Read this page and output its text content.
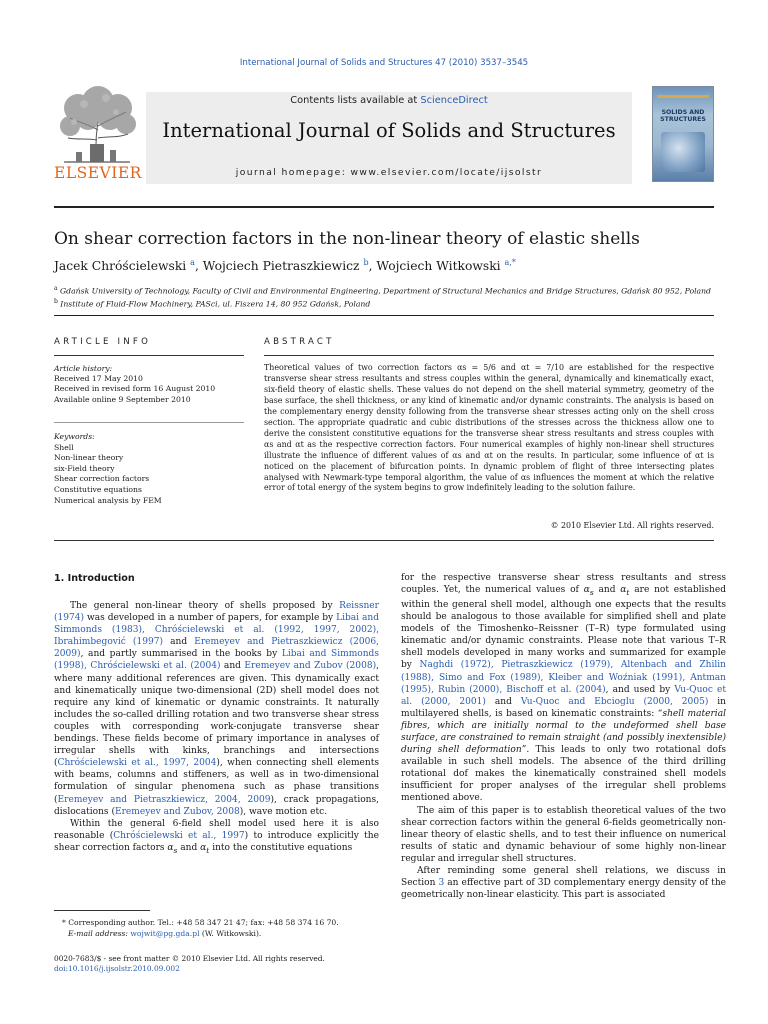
International Journal of Solids and Structures 47 (2010) 3537–3545
ELSEVIER
Contents lists available at ScienceDirect
International Journal of Solids and Structures
journal homepage: www.elsevier.com/locate/ijsolstr
SOLIDS AND
STRUCTURES
On shear correction factors in the non-linear theory of elastic shells
Jacek Chróścielewski $^a$, Wojciech Pietraszkiewicz $^b$, Wojciech Witkowski $^{a,*}$
$^a$ Gdańsk University of Technology, Faculty of Civil and Environmental Engineering, Department of Structural Mechanics and Bridge Structures, Gdańsk 80 952, Poland
$^b$ Institute of Fluid-Flow Machinery, PASci, ul. Fiszera 14, 80 952 Gdańsk, Poland
ARTICLE INFO	ABSTRACT
Article history:
Received 17 May 2010
Received in revised form 16 August 2010
Available online 9 September 2010
Keywords:
Shell
Non-linear theory
six-Field theory
Shear correction factors
Constitutive equations
Numerical analysis by FEM

Theoretical values of two correction factors αs = 5/6 and αt = 7/10 are established for the respective transverse shear stress resultants and stress couples within the general, dynamically and kinematically exact, six-field theory of elastic shells. These values do not depend on the shell material symmetry, geometry of the base surface, the shell thickness, or any kind of kinematic and/or dynamic constraints. The analysis is based on the complementary energy density following from the transverse shear stresses acting only on the shell cross section. The appropriate quadratic and cubic distributions of the stresses across the thickness allow one to derive the consistent constitutive equations for the transverse shear stress resultants and stress couples with αs and αt as the respective correction factors. Four numerical examples of highly non-linear shell structures illustrate the influence of different values of αs and αt on the results. In particular, some influence of αt is noticed on the placement of bifurcation points. In dynamic problem of flight of three intersecting plates analysed with Newmark-type temporal algorithm, the value of αs influences the moment at which the relative error of total energy of the system begins to grow indefinitely leading to the solution failure.

© 2010 Elsevier Ltd. All rights reserved.
1. Introduction

The general non-linear theory of shells proposed by Reissner (1974) was developed in a number of papers, for example by Libai and Simmonds (1983), Chróścielewski et al. (1992, 1997, 2002), Ibrahimbegović (1997) and Eremeyev and Pietraszkiewicz (2006, 2009), and partly summarised in the books by Libai and Simmonds (1998), Chróścielewski et al. (2004) and Eremeyev and Zubov (2008), where many additional references are given. This dynamically exact and kinematically unique two-dimensional (2D) shell model does not require any kind of kinematic or dynamic constraints. It naturally includes the so-called drilling rotation and two transverse shear stress couples with corresponding work-conjugate transverse shear bendings. These fields become of primary importance in analyses of irregular shells with kinks, branchings and intersections (Chróścielewski et al., 1997, 2004), when connecting shell elements with beams, columns and stiffeners, as well as in two-dimensional formulation of singular phenomena such as phase transitions (Eremeyev and Pietraszkiewicz, 2004, 2009), crack propagations, dislocations (Eremeyev and Zubov, 2008), wave motion etc.

Within the general 6-field shell model used here it is also reasonable (Chróścielewski et al., 1997) to introduce explicitly the shear correction factors $\alpha_s$ and $\alpha_t$ into the constitutive equations

for the respective transverse shear stress resultants and stress couples. Yet, the numerical values of $\alpha_s$ and $\alpha_t$ are not established within the general shell model, although one expects that the results should be analogous to those available for simplified shell and plate models of the Timoshenko–Reissner (T–R) type formulated using kinematic and/or dynamic constraints. Please note that various T–R shell models developed in many works and summarized for example by Naghdi (1972), Pietraszkiewicz (1979), Altenbach and Zhilin (1988), Simo and Fox (1989), Kleiber and Woźniak (1991), Antman (1995), Rubin (2000), Bischoff et al. (2004), and used by Vu-Quoc et al. (2000, 2001) and Vu-Quoc and Ebcioglu (2000, 2005) in multilayered shells, is based on kinematic constraints: “shell material fibres, which are initially normal to the undeformed shell base surface, are constrained to remain straight (and possibly inextensible) during shell deformation”. This leads to only two rotational dofs available in such shell models. The absence of the third drilling rotational dof makes the kinematically constrained shell models insufficient for proper analyses of the irregular shell problems mentioned above.

The aim of this paper is to establish theoretical values of the two shear correction factors within the general 6-fields geometrically non-linear theory of elastic shells, and to test their influence on numerical results of static and dynamic behaviour of some highly non-linear regular and irregular shell structures.

After reminding some general shell relations, we discuss in Section 3 an effective part of 3D complementary energy density of the geometrically non-linear elasticity. This part is associated

* Corresponding author. Tel.: +48 58 347 21 47; fax: +48 58 374 16 70.
E-mail address: wojwit@pg.gda.pl (W. Witkowski).
0020-7683/$ - see front matter © 2010 Elsevier Ltd. All rights reserved.
doi:10.1016/j.ijsolstr.2010.09.002
